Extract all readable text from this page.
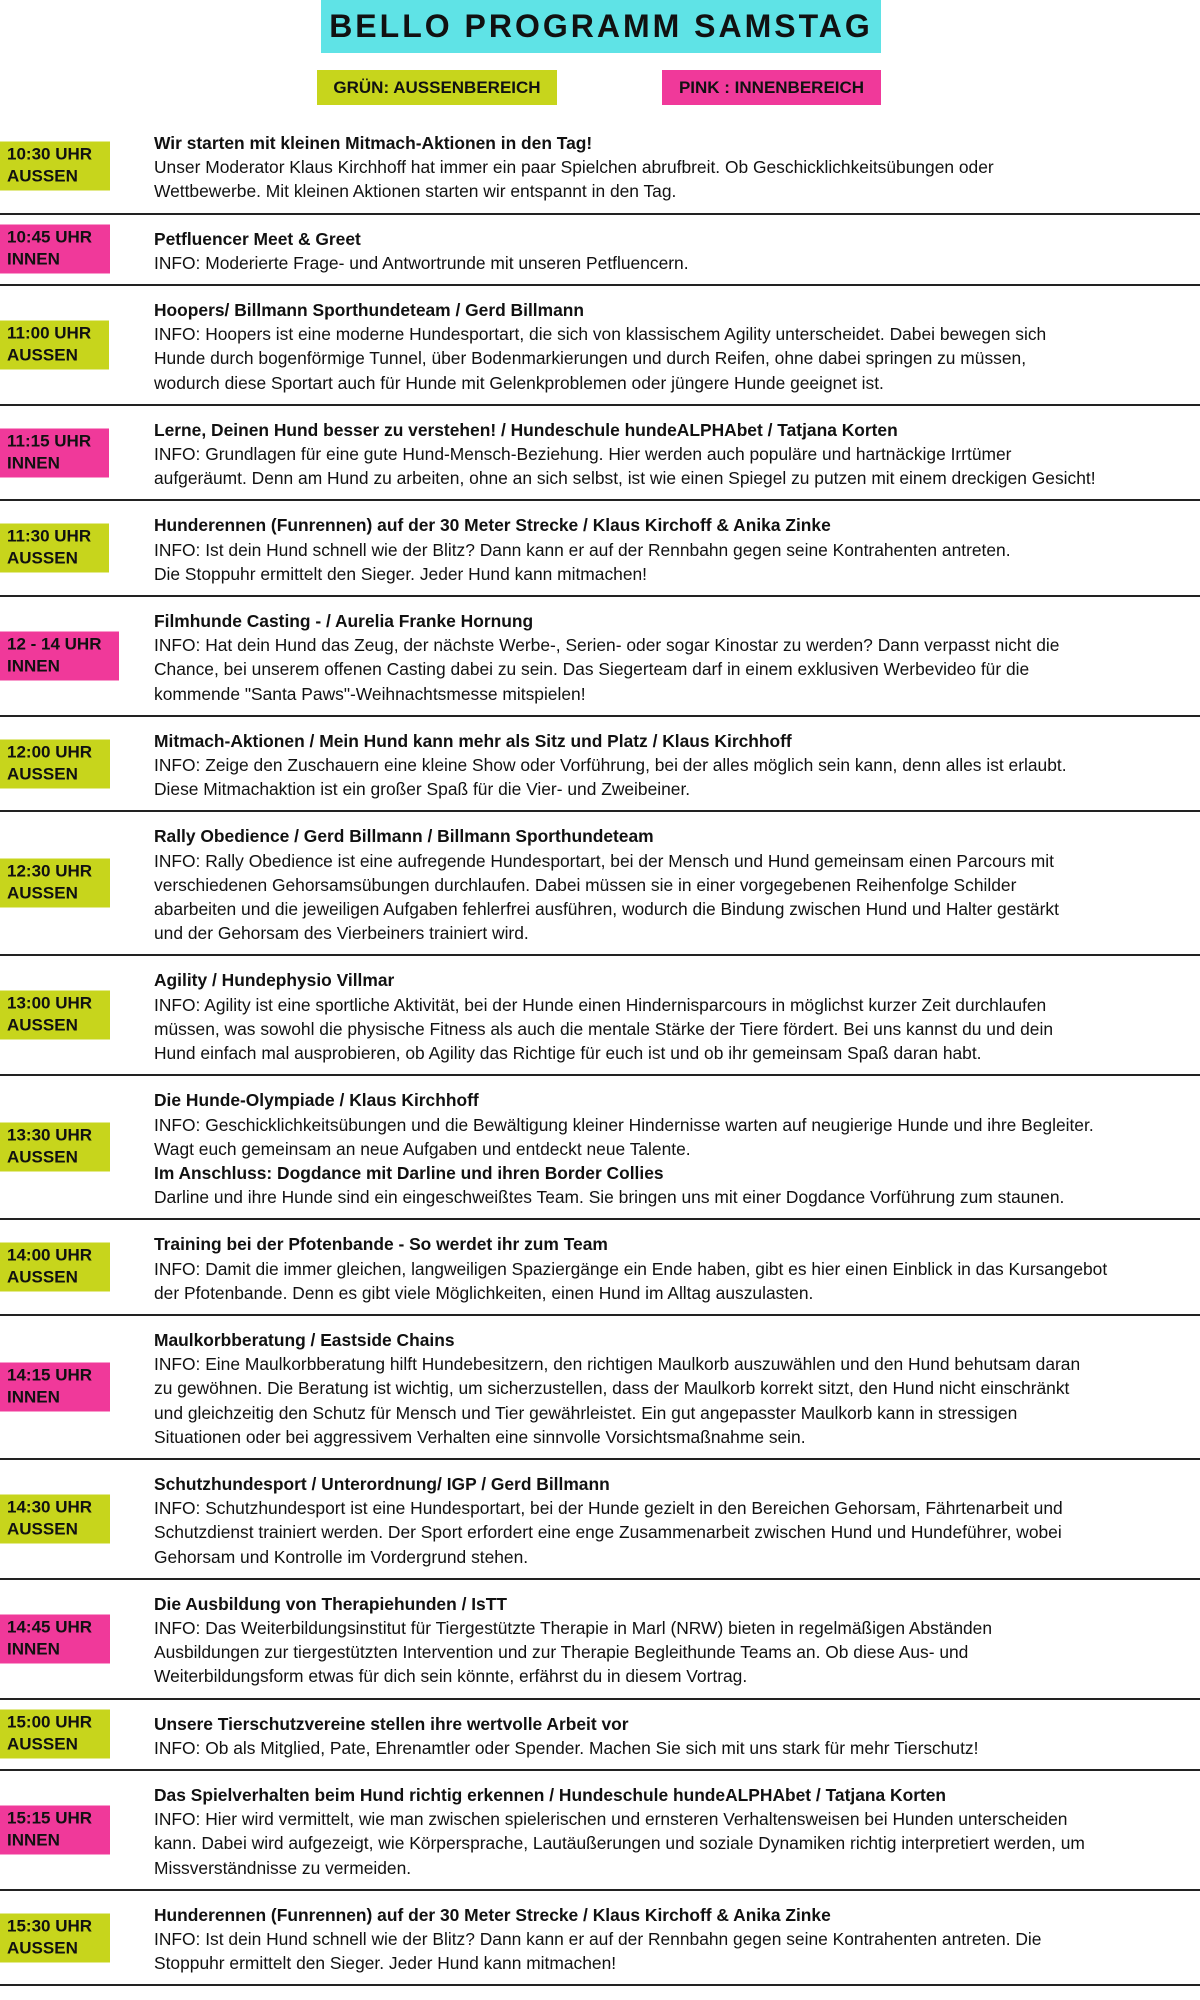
BELLO PROGRAMM SAMSTAG
GRÜN: AUSSENBEREICH	PINK : INNENBEREICH
10:30 UHR
AUSSEN
Wir starten mit kleinen Mitmach-Aktionen in den Tag!
Unser Moderator Klaus Kirchhoff hat immer ein paar Spielchen abrufbreit. Ob Geschicklichkeitsübungen oder
Wettbewerbe. Mit kleinen Aktionen starten wir entspannt in den Tag.
10:45 UHR
INNEN
Petfluencer Meet & Greet
INFO: Moderierte Frage- und Antwortrunde mit unseren Petfluencern.
11:00 UHR
AUSSEN
Hoopers/ Billmann Sporthundeteam / Gerd Billmann
INFO: Hoopers ist eine moderne Hundesportart, die sich von klassischem Agility unterscheidet. Dabei bewegen sich
Hunde durch bogenförmige Tunnel, über Bodenmarkierungen und durch Reifen, ohne dabei springen zu müssen,
wodurch diese Sportart auch für Hunde mit Gelenkproblemen oder jüngere Hunde geeignet ist.
11:15 UHR
INNEN
Lerne, Deinen Hund besser zu verstehen! / Hundeschule hundeALPHAbet / Tatjana Korten
INFO: Grundlagen für eine gute Hund-Mensch-Beziehung. Hier werden auch populäre und hartnäckige Irrtümer
aufgeräumt. Denn am Hund zu arbeiten, ohne an sich selbst, ist wie einen Spiegel zu putzen mit einem dreckigen Gesicht!
11:30 UHR
AUSSEN
Hunderennen (Funrennen) auf der 30 Meter Strecke / Klaus Kirchoff & Anika Zinke
INFO: Ist dein Hund schnell wie der Blitz? Dann kann er auf der Rennbahn gegen seine Kontrahenten antreten.
Die Stoppuhr ermittelt den Sieger. Jeder Hund kann mitmachen!
12 - 14 UHR
INNEN
Filmhunde Casting - / Aurelia Franke Hornung
INFO: Hat dein Hund das Zeug, der nächste Werbe-, Serien- oder sogar Kinostar zu werden? Dann verpasst nicht die
Chance, bei unserem offenen Casting dabei zu sein. Das Siegerteam darf in einem exklusiven Werbevideo für die
kommende "Santa Paws"-Weihnachtsmesse mitspielen!
12:00 UHR
AUSSEN
Mitmach-Aktionen / Mein Hund kann mehr als Sitz und Platz / Klaus Kirchhoff
INFO: Zeige den Zuschauern eine kleine Show oder Vorführung, bei der alles möglich sein kann, denn alles ist erlaubt.
Diese Mitmachaktion ist ein großer Spaß für die Vier- und Zweibeiner.
12:30 UHR
AUSSEN
Rally Obedience / Gerd Billmann / Billmann Sporthundeteam
INFO: Rally Obedience ist eine aufregende Hundesportart, bei der Mensch und Hund gemeinsam einen Parcours mit
verschiedenen Gehorsamsübungen durchlaufen. Dabei müssen sie in einer vorgegebenen Reihenfolge Schilder
abarbeiten und die jeweiligen Aufgaben fehlerfrei ausführen, wodurch die Bindung zwischen Hund und Halter gestärkt
und der Gehorsam des Vierbeiners trainiert wird.
13:00 UHR
AUSSEN
Agility / Hundephysio Villmar
INFO: Agility ist eine sportliche Aktivität, bei der Hunde einen Hindernisparcours in möglichst kurzer Zeit durchlaufen
müssen, was sowohl die physische Fitness als auch die mentale Stärke der Tiere fördert. Bei uns kannst du und dein
Hund einfach mal ausprobieren, ob Agility das Richtige für euch ist und ob ihr gemeinsam Spaß daran habt.
13:30 UHR
AUSSEN
Die Hunde-Olympiade / Klaus Kirchhoff
INFO: Geschicklichkeitsübungen und die Bewältigung kleiner Hindernisse warten auf neugierige Hunde und ihre Begleiter.
Wagt euch gemeinsam an neue Aufgaben und entdeckt neue Talente.
Im Anschluss: Dogdance mit Darline und ihren Border Collies
Darline und ihre Hunde sind ein eingeschweißtes Team. Sie bringen uns mit einer Dogdance Vorführung zum staunen.
14:00 UHR
AUSSEN
Training bei der Pfotenbande - So werdet ihr zum Team
INFO: Damit die immer gleichen, langweiligen Spaziergänge ein Ende haben, gibt es hier einen Einblick in das Kursangebot
der Pfotenbande. Denn es gibt viele Möglichkeiten, einen Hund im Alltag auszulasten.
14:15 UHR
INNEN
Maulkorbberatung / Eastside Chains
INFO: Eine Maulkorbberatung hilft Hundebesitzern, den richtigen Maulkorb auszuwählen und den Hund behutsam daran
zu gewöhnen. Die Beratung ist wichtig, um sicherzustellen, dass der Maulkorb korrekt sitzt, den Hund nicht einschränkt
und gleichzeitig den Schutz für Mensch und Tier gewährleistet. Ein gut angepasster Maulkorb kann in stressigen
Situationen oder bei aggressivem Verhalten eine sinnvolle Vorsichtsmaßnahme sein.
14:30 UHR
AUSSEN
Schutzhundesport / Unterordnung/ IGP / Gerd Billmann
INFO: Schutzhundesport ist eine Hundesportart, bei der Hunde gezielt in den Bereichen Gehorsam, Fährtenarbeit und
Schutzdienst trainiert werden. Der Sport erfordert eine enge Zusammenarbeit zwischen Hund und Hundeführer, wobei
Gehorsam und Kontrolle im Vordergrund stehen.
14:45 UHR
INNEN
Die Ausbildung von Therapiehunden / IsTT
INFO: Das Weiterbildungsinstitut für Tiergestützte Therapie in Marl (NRW) bieten in regelmäßigen Abständen
Ausbildungen zur tiergestützten Intervention und zur Therapie Begleithunde Teams an. Ob diese Aus- und
Weiterbildungsform etwas für dich sein könnte, erfährst du in diesem Vortrag.
15:00 UHR
AUSSEN
Unsere Tierschutzvereine stellen ihre wertvolle Arbeit vor
INFO: Ob als Mitglied, Pate, Ehrenamtler oder Spender. Machen Sie sich mit uns stark für mehr Tierschutz!
15:15 UHR
INNEN
Das Spielverhalten beim Hund richtig erkennen / Hundeschule hundeALPHAbet / Tatjana Korten
INFO: Hier wird vermittelt, wie man zwischen spielerischen und ernsteren Verhaltensweisen bei Hunden unterscheiden
kann. Dabei wird aufgezeigt, wie Körpersprache, Lautäußerungen und soziale Dynamiken richtig interpretiert werden, um
Missverständnisse zu vermeiden.
15:30 UHR
AUSSEN
Hunderennen (Funrennen) auf der 30 Meter Strecke / Klaus Kirchoff & Anika Zinke
INFO: Ist dein Hund schnell wie der Blitz? Dann kann er auf der Rennbahn gegen seine Kontrahenten antreten. Die
Stoppuhr ermittelt den Sieger. Jeder Hund kann mitmachen!
